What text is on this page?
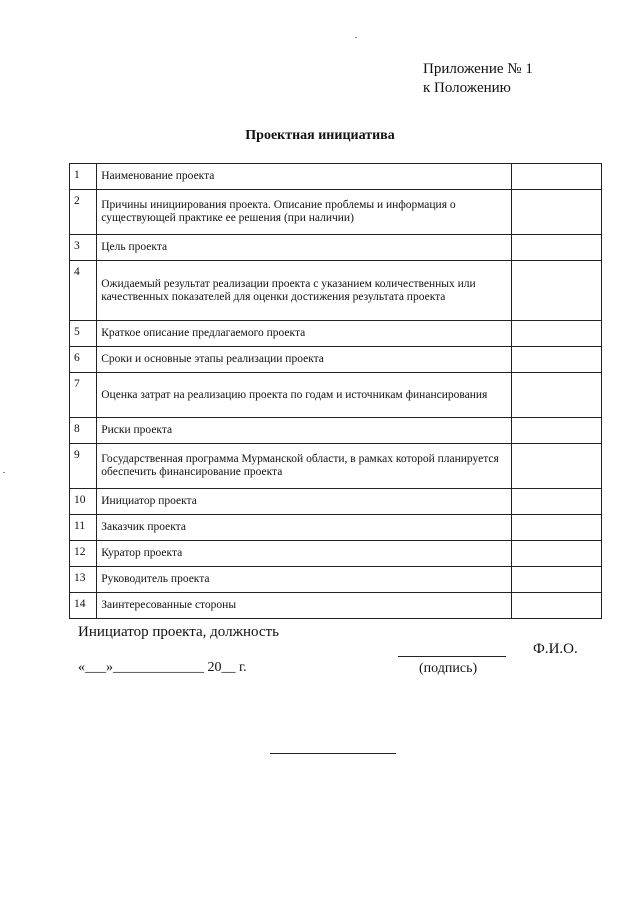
Приложение № 1
к Положению
Проектная инициатива
1	Наименование проекта	
2	Причины инициирования проекта. Описание проблемы и информация о существующей практике ее решения (при наличии)	
3	Цель проекта	
4	Ожидаемый результат реализации проекта с указанием количественных или качественных показателей для оценки достижения результата проекта	
5	Краткое описание предлагаемого проекта	
6	Сроки и основные этапы реализации проекта	
7	Оценка затрат на реализацию проекта по годам и источникам финансирования	
8	Риски проекта	
9	Государственная программа Мурманской области, в рамках которой планируется обеспечить финансирование проекта	
10	Инициатор проекта	
11	Заказчик проекта	
12	Куратор проекта	
13	Руководитель проекта	
14	Заинтересованные стороны	
Инициатор проекта, должность
Ф.И.О.
«___»_____________ 20__ г.	(подпись)
